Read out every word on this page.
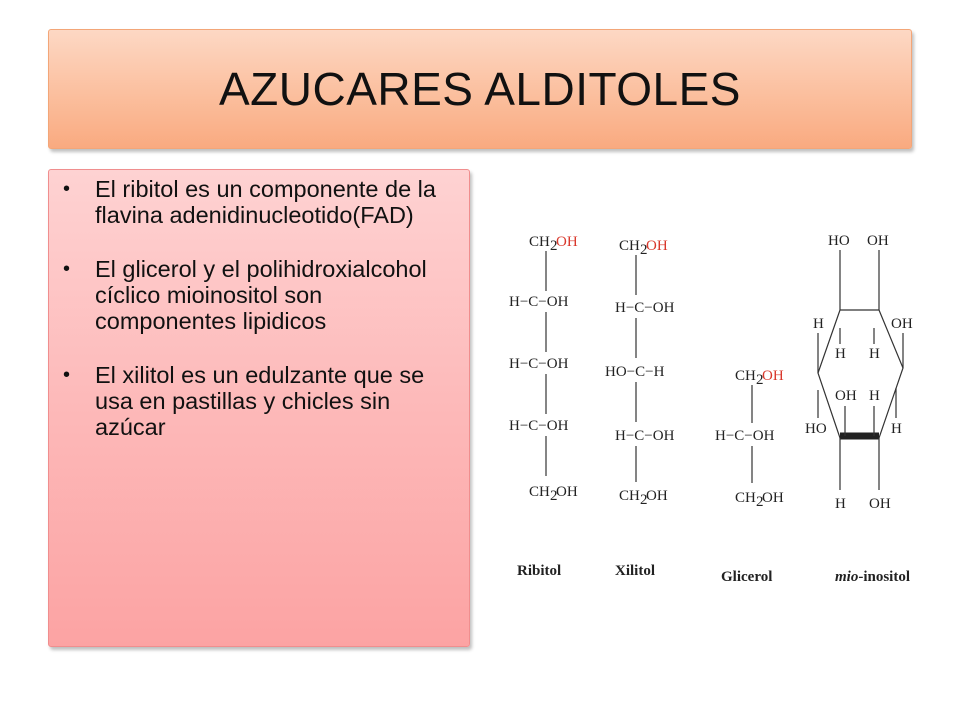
AZUCARES ALDITOLES
• El ribitol es un componente de la flavina adenidinucleotido(FAD)
• El glicerol y el polihidroxialcohol cíclico mioinositol son componentes lipidicos
• El xilitol es un edulzante que se usa en pastillas y chicles sin azúcar
CH 2
OH
H−C−OH
H−C−OH
H−C−OH
CH 2
OH
Ribitol
CH 2
OH
H−C−OH
HO−C−H
H−C−OH
CH 2
OH
Xilitol
CH 2
OH
H−C−OH
CH 2
OH
Glicerol
HO OH
H	OH
H H
OH H
HO	H
H OH
mio-inositol
